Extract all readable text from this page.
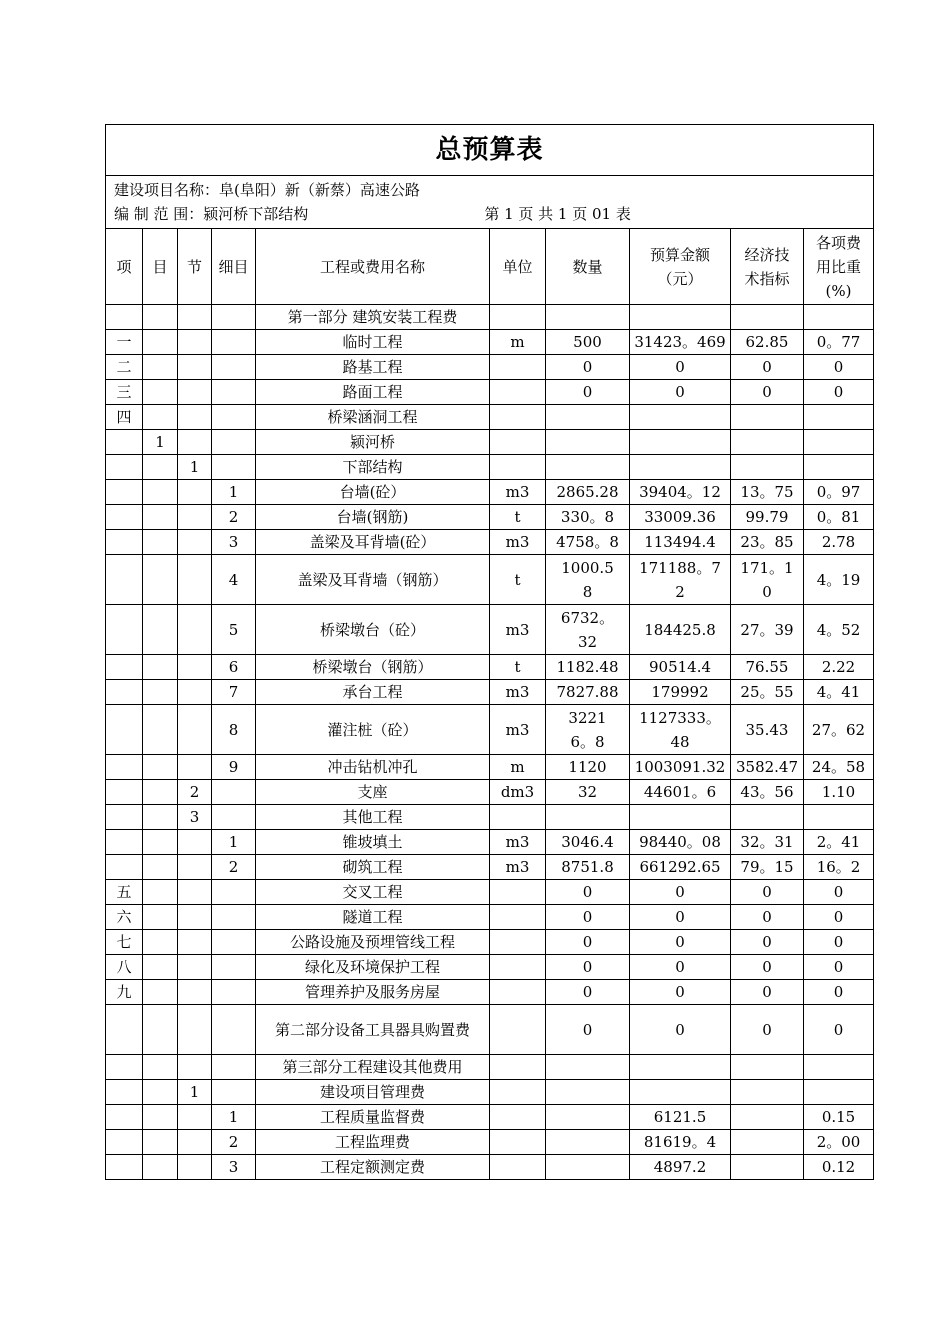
总预算表									

建设项目名称：阜(阜阳）新（新蔡）高速公路
编 制 范 围：颍河桥下部结构 第 1 页 共 1 页 01 表									

项	目	节	细目	工程或费用名称	单位	数量	预算金额（元）	经济技术指标	各项费用比重(%)
				第一部分 建筑安装工程费					
一				临时工程	m	500	31423。469	62.85	0。77
二				路基工程		0	0	0	0
三				路面工程		0	0	0	0
四				桥梁涵洞工程					
	1			颍河桥					
		1		下部结构					
			1	台墙(砼）	m3	2865.28	39404。12	13。75	0。97
			2	台墙(钢筋)	t	330。8	33009.36	99.79	0。81
			3	盖梁及耳背墙(砼）	m3	4758。8	113494.4	23。85	2.78
			4	盖梁及耳背墙（钢筋）	t	1000.58	171188。72	171。10	4。19
			5	桥梁墩台（砼）	m3	6732。32	184425.8	27。39	4。52
			6	桥梁墩台（钢筋）	t	1182.48	90514.4	76.55	2.22
			7	承台工程	m3	7827.88	179992	25。55	4。41
			8	灌注桩（砼）	m3	32216。8	1127333。48	35.43	27。62
			9	冲击钻机冲孔	m	1120	1003091.32	3582.47	24。58
		2		支座	dm3	32	44601。6	43。56	1.10
		3		其他工程					
			1	锥坡填土	m3	3046.4	98440。08	32。31	2。41
			2	砌筑工程	m3	8751.8	661292.65	79。15	16。2
五				交叉工程		0	0	0	0
六				隧道工程		0	0	0	0
七				公路设施及预埋管线工程		0	0	0	0
八				绿化及环境保护工程		0	0	0	0
九				管理养护及服务房屋		0	0	0	0
				第二部分设备工具器具购置费		0	0	0	0
				第三部分工程建设其他费用					
		1		建设项目管理费					
			1	工程质量监督费			6121.5		0.15
			2	工程监理费			81619。4		2。00
			3	工程定额测定费			4897.2		0.12
